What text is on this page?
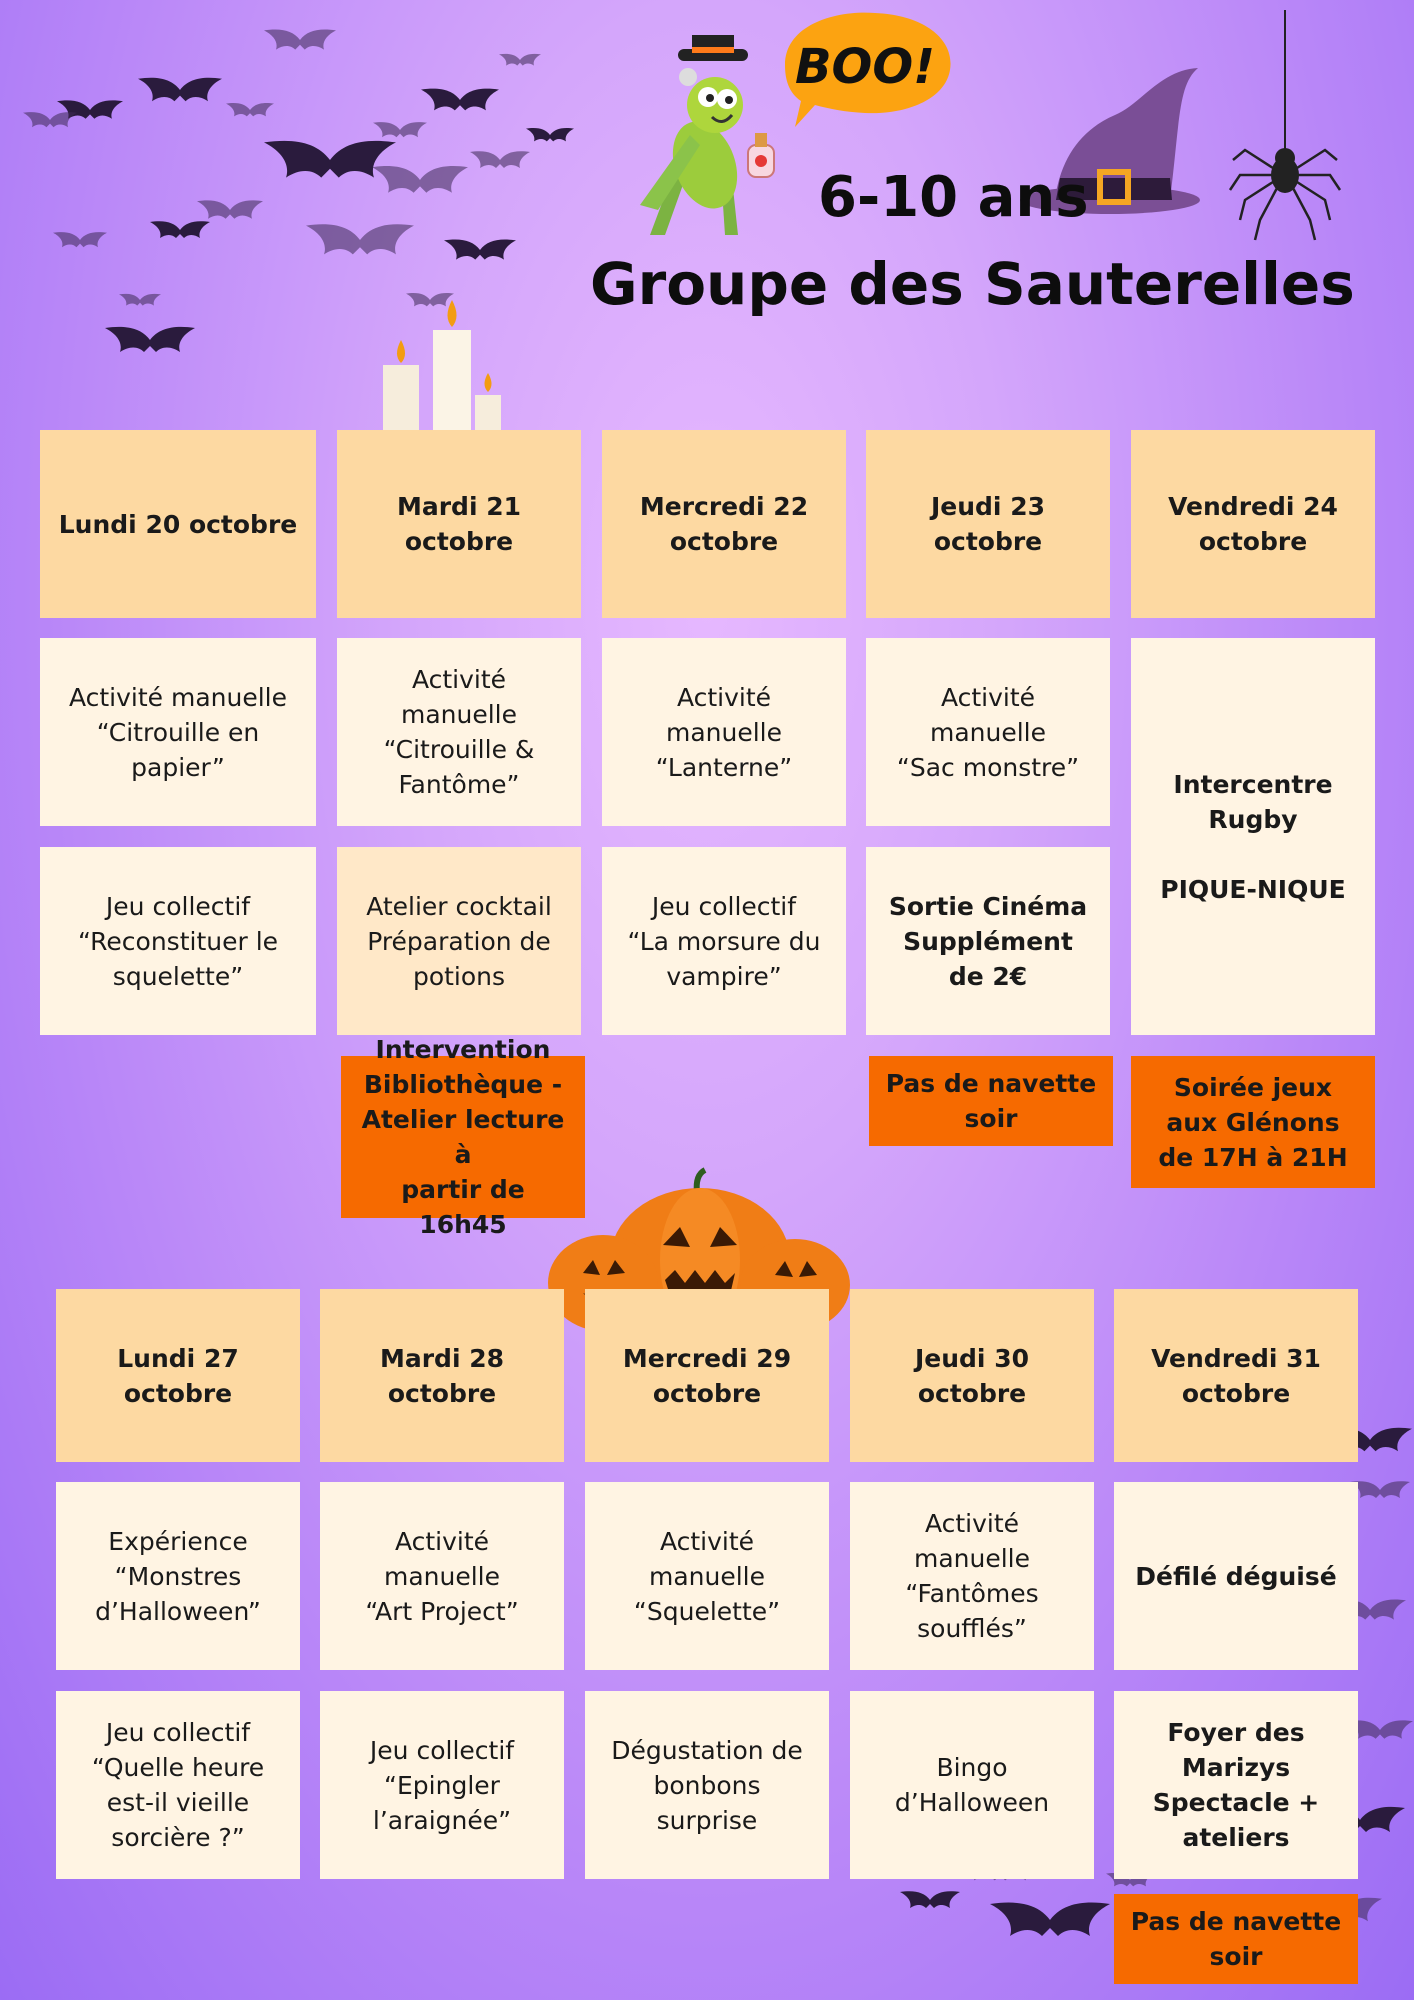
BOO!
6-10 ans
Groupe des Sauterelles
Lundi 20 octobre
Mardi 21
octobre
Mercredi 22
octobre
Jeudi 23
octobre
Vendredi 24
octobre
Activité manuelle
“Citrouille en
papier”
Activité
manuelle
“Citrouille &
Fantôme”
Activité
manuelle
“Lanterne”
Activité
manuelle
“Sac monstre”
Intercentre
Rugby

PIQUE-NIQUE
Jeu collectif
“Reconstituer le
squelette”
Atelier cocktail
Préparation de
potions
Jeu collectif
“La morsure du
vampire”
Sortie Cinéma
Supplément
de 2€
Intervention
Bibliothèque -
Atelier lecture à
partir de 16h45
Pas de navette
soir
Soirée jeux
aux Glénons
de 17H à 21H
Lundi 27
octobre
Mardi 28
octobre
Mercredi 29
octobre
Jeudi 30
octobre
Vendredi 31
octobre
Expérience
“Monstres
d’Halloween”
Activité
manuelle
“Art Project”
Activité
manuelle
“Squelette”
Activité
manuelle
“Fantômes
soufflés”
Défilé déguisé
Jeu collectif
“Quelle heure
est-il vieille
sorcière ?”
Jeu collectif
“Epingler
l’araignée”
Dégustation de
bonbons
surprise
Bingo
d’Halloween
Foyer des
Marizys
Spectacle +
ateliers
Pas de navette
soir
